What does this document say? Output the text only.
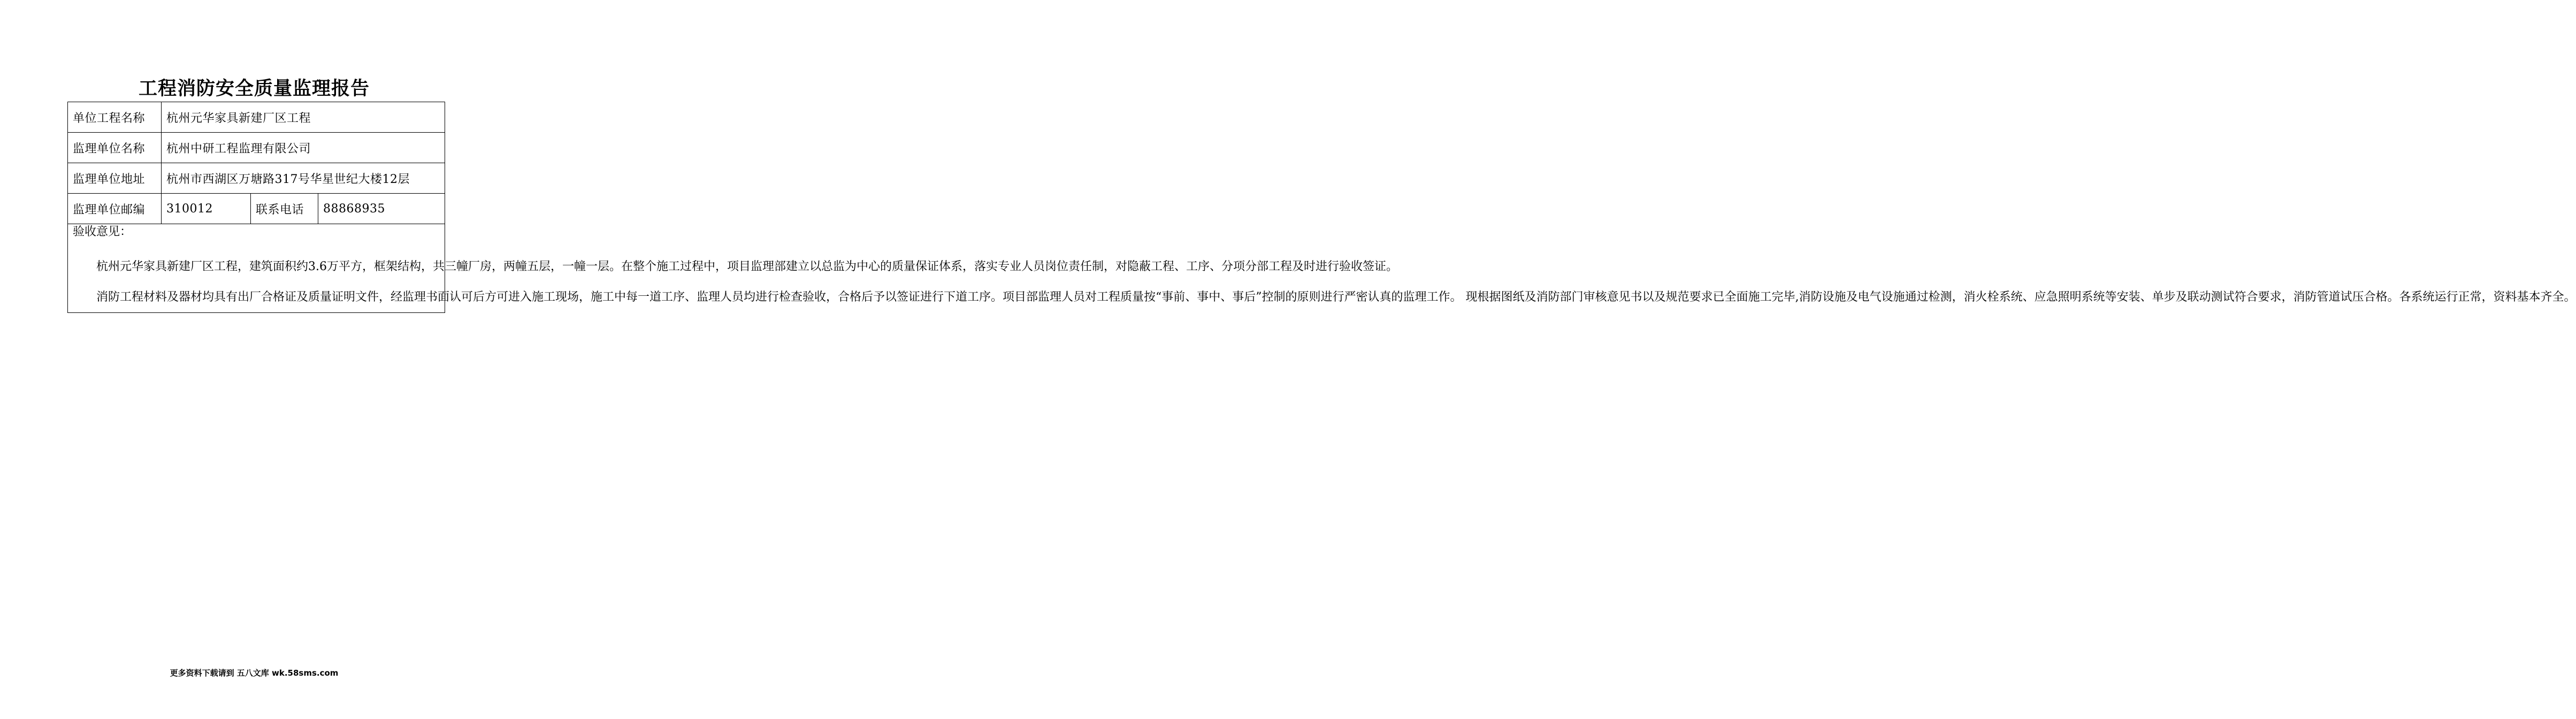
工程消防安全质量监理报告
单位工程名称	杭州元华家具新建厂区工程		
监理单位名称	杭州中研工程监理有限公司		
监理单位地址	杭州市西湖区万塘路317号华星世纪大楼12层		
监理单位邮编	310012	联系电话	88868935

验收意见：

杭州元华家具新建厂区工程，建筑面积约3.6万平方，框架结构，共三幢厂房，两幢五层，一幢一层。在整个施工过程中，项目监理部建立以总监为中心的质量保证体系，落实专业人员岗位责任制，对隐蔽工程、工序、分项分部工程及时进行验收签证。

消防工程材料及器材均具有出厂合格证及质量证明文件，经监理书面认可后方可进入施工现场，施工中每一道工序、监理人员均进行检查验收，合格后予以签证进行下道工序。项目部监理人员对工程质量按“事前、事中、事后”控制的原则进行严密认真的监理工作。 现根据图纸及消防部门审核意见书以及规范要求已全面施工完毕,消防设施及电气设施通过检测，消火栓系统、应急照明系统等安装、单步及联动测试符合要求，消防管道试压合格。各系统运行正常，资料基本齐全。			

更多资料下载请到 五八文库 wk.58sms.com
